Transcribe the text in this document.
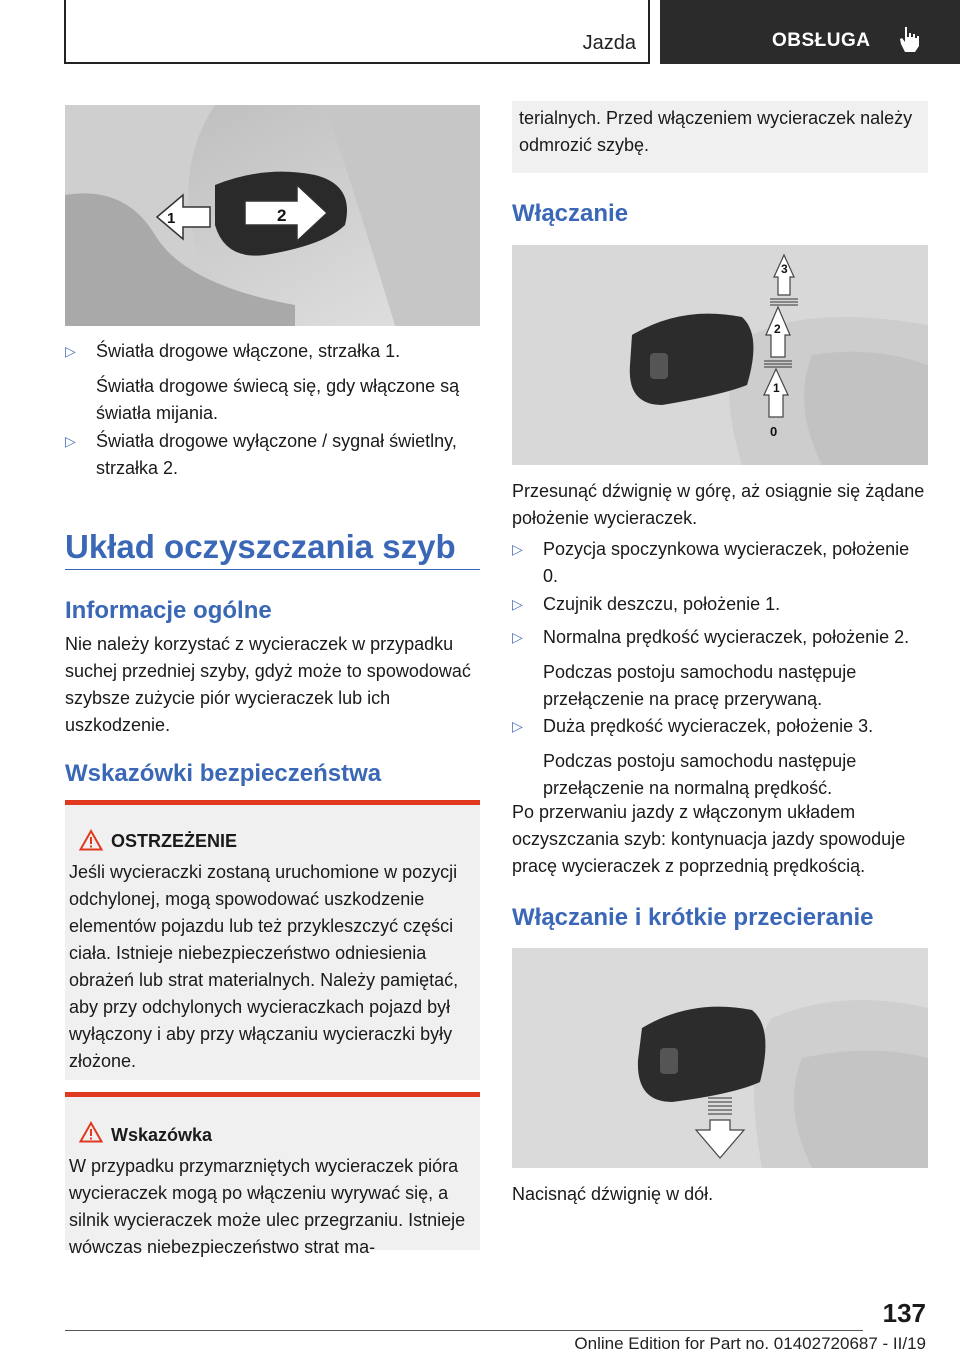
Jazda	OBSŁUGA
1	2
▷ Światła drogowe włączone, strzałka 1.
Światła drogowe świecą się, gdy włączone są światła mijania.
▷ Światła drogowe wyłączone / sygnał świetlny, strzałka 2.
Układ oczyszczania szyb
Informacje ogólne

Nie należy korzystać z wycieraczek w przypadku suchej przedniej szyby, gdyż może to spowodować szybsze zużycie piór wycieraczek lub ich uszkodzenie.

Wskazówki bezpieczeństwa
OSTRZEŻENIE

Jeśli wycieraczki zostaną uruchomione w pozycji odchylonej, mogą spowodować uszkodzenie elementów pojazdu lub też przykleszczyć części ciała. Istnieje niebezpieczeństwo odniesienia obrażeń lub strat materialnych. Należy pamiętać, aby przy odchylonych wycieraczkach pojazd był wyłączony i aby przy włączaniu wycieraczki były złożone.

Wskazówka

W przypadku przymarzniętych wycieraczek pióra wycieraczek mogą po włączeniu wyrywać się, a silnik wycieraczek może ulec przegrzaniu. Istnieje wówczas niebezpieczeństwo strat ma-

terialnych. Przed włączeniem wycieraczek należy odmrozić szybę.

Włączanie
3
2
1
0

Przesunąć dźwignię w górę, aż osiągnie się żądane położenie wycieraczek.

▷ Pozycja spoczynkowa wycieraczek, położenie 0.
▷ Czujnik deszczu, położenie 1.
▷ Normalna prędkość wycieraczek, położenie 2.
Podczas postoju samochodu następuje przełączenie na pracę przerywaną.
▷ Duża prędkość wycieraczek, położenie 3.
Podczas postoju samochodu następuje przełączenie na normalną prędkość.

Po przerwaniu jazdy z włączonym układem oczyszczania szyb: kontynuacja jazdy spowoduje pracę wycieraczek z poprzednią prędkością.

Włączanie i krótkie przecieranie

Nacisnąć dźwignię w dół.

137
Online Edition for Part no. 01402720687 - II/19
